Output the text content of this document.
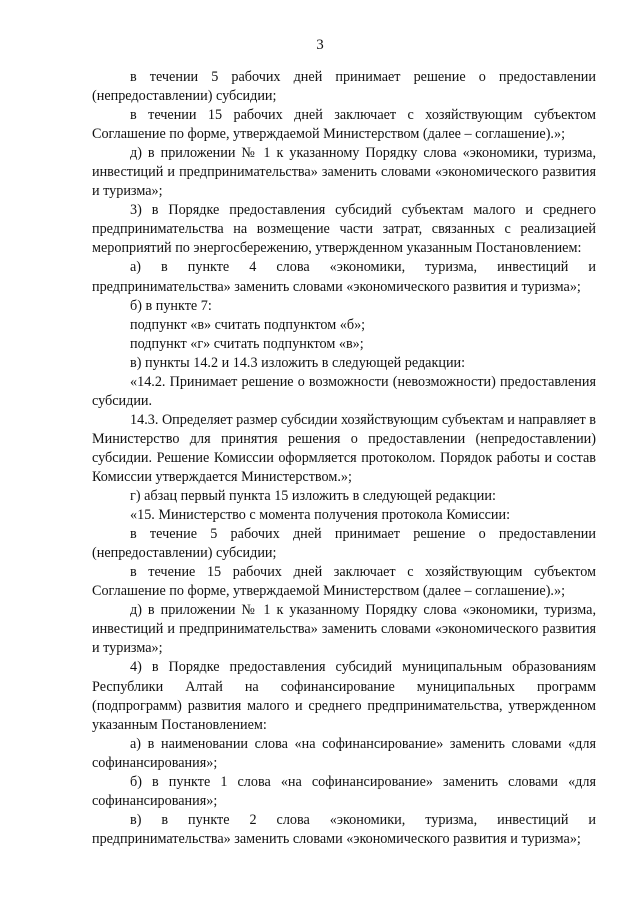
3

в течении 5 рабочих дней принимает решение о предоставлении (непредоставлении) субсидии;

в течении 15 рабочих дней заключает с хозяйствующим субъектом Соглашение по форме, утверждаемой Министерством (далее – соглашение).»;

д) в приложении № 1 к указанному Порядку слова «экономики, туризма, инвестиций и предпринимательства» заменить словами «экономического развития и туризма»;

3) в Порядке предоставления субсидий субъектам малого и среднего предпринимательства на возмещение части затрат, связанных с реализацией мероприятий по энергосбережению, утвержденном указанным Постановлением:

а) в пункте 4 слова «экономики, туризма, инвестиций и предпринимательства» заменить словами «экономического развития и туризма»;

б) в пункте 7:

подпункт «в» считать подпунктом «б»;

подпункт «г» считать подпунктом «в»;

в) пункты 14.2 и 14.3 изложить в следующей редакции:

«14.2. Принимает решение о возможности (невозможности) предоставления субсидии.

14.3. Определяет размер субсидии хозяйствующим субъектам и направляет в Министерство для принятия решения о предоставлении (непредоставлении) субсидии. Решение Комиссии оформляется протоколом. Порядок работы и состав Комиссии утверждается Министерством.»;

г) абзац первый пункта 15 изложить в следующей редакции:

«15. Министерство с момента получения протокола Комиссии:

в течение 5 рабочих дней принимает решение о предоставлении (непредоставлении) субсидии;

в течение 15 рабочих дней заключает с хозяйствующим субъектом Соглашение по форме, утверждаемой Министерством (далее – соглашение).»;

д) в приложении № 1 к указанному Порядку слова «экономики, туризма, инвестиций и предпринимательства» заменить словами «экономического развития и туризма»;

4) в Порядке предоставления субсидий муниципальным образованиям Республики Алтай на софинансирование муниципальных программ (подпрограмм) развития малого и среднего предпринимательства, утвержденном указанным Постановлением:

а) в наименовании слова «на софинансирование» заменить словами «для софинансирования»;

б) в пункте 1 слова «на софинансирование» заменить словами «для софинансирования»;

в) в пункте 2 слова «экономики, туризма, инвестиций и предпринимательства» заменить словами «экономического развития и туризма»;
